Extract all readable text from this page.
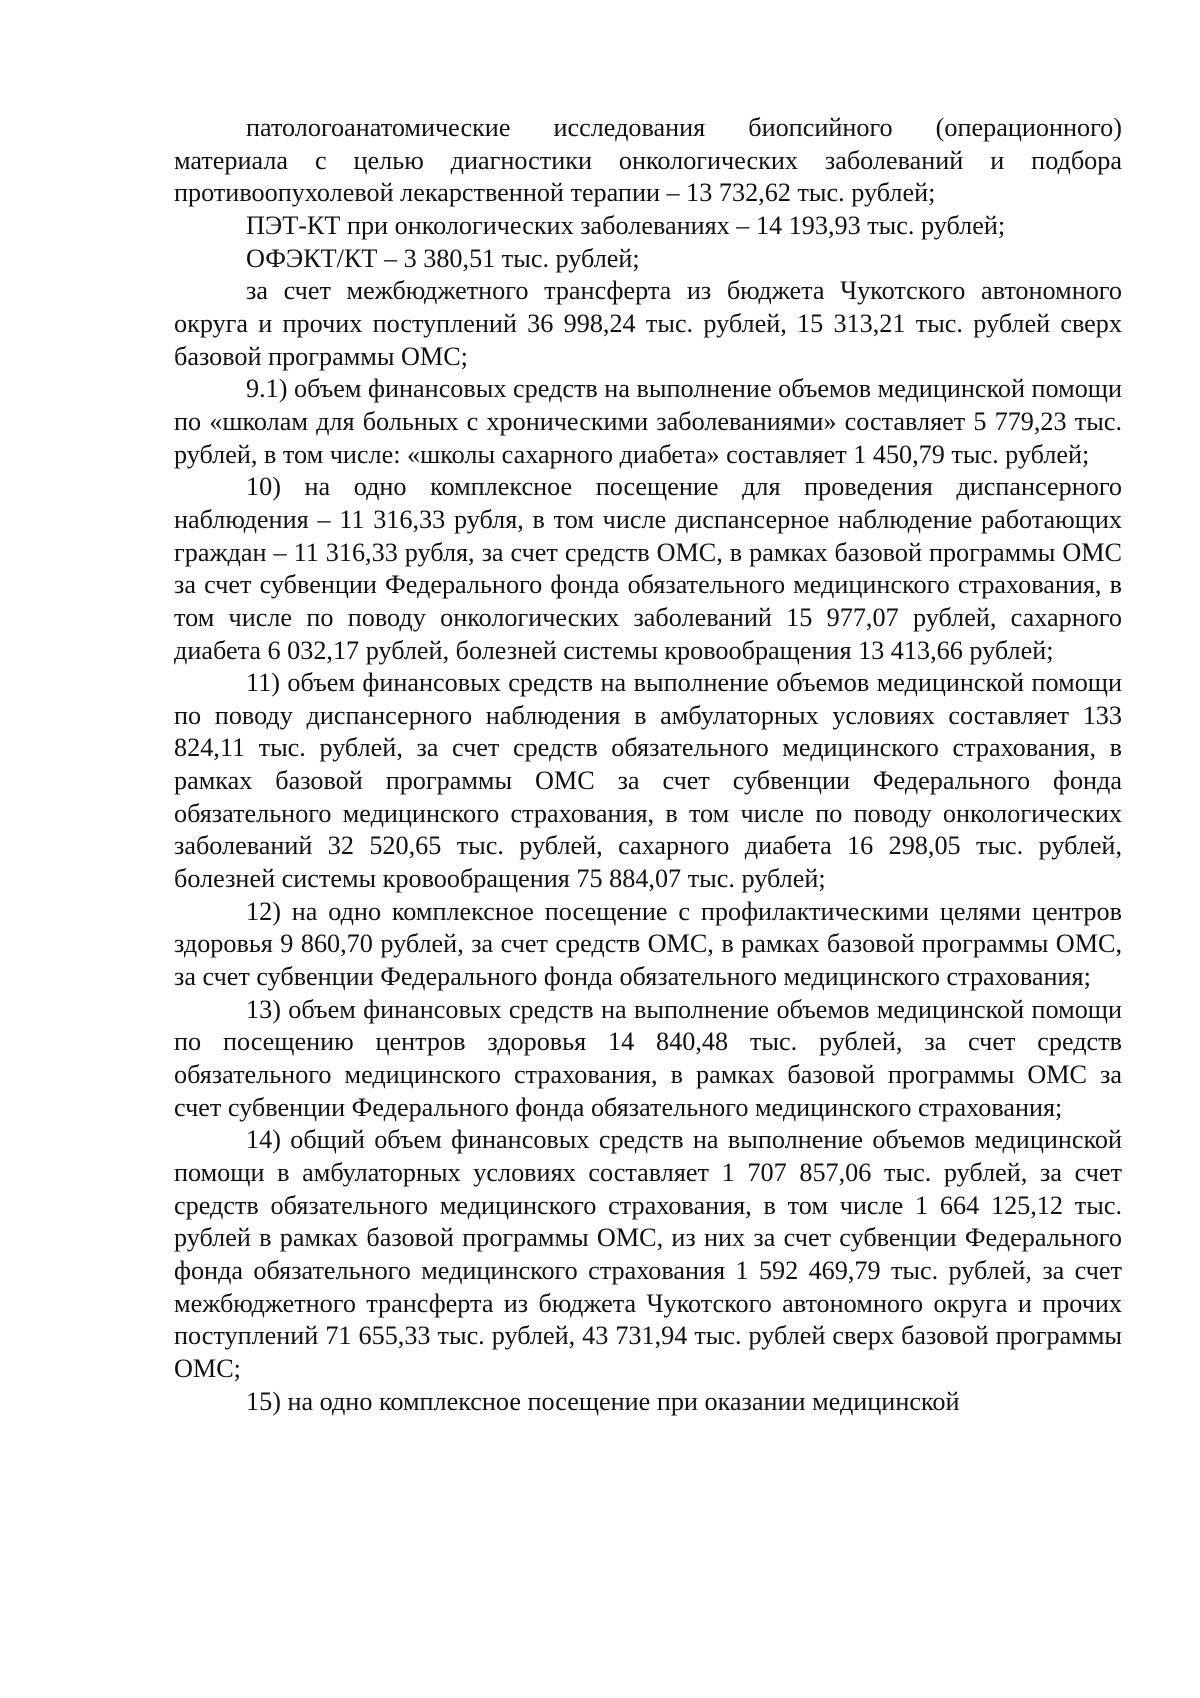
патологоанатомические исследования биопсийного (операционного) материала с целью диагностики онкологических заболеваний и подбора противоопухолевой лекарственной терапии – 13 732,62 тыс. рублей;

ПЭТ-КТ при онкологических заболеваниях – 14 193,93 тыс. рублей;

ОФЭКТ/КТ – 3 380,51 тыс. рублей;

за счет межбюджетного трансферта из бюджета Чукотского автономного округа и прочих поступлений 36 998,24 тыс. рублей, 15 313,21 тыс. рублей сверх базовой программы ОМС;

9.1) объем финансовых средств на выполнение объемов медицинской помощи по «школам для больных с хроническими заболеваниями» составляет 5 779,23 тыс. рублей, в том числе: «школы сахарного диабета» составляет 1 450,79 тыс. рублей;

10) на одно комплексное посещение для проведения диспансерного наблюдения – 11 316,33 рубля, в том числе диспансерное наблюдение работающих граждан – 11 316,33 рубля, за счет средств ОМС, в рамках базовой программы ОМС за счет субвенции Федерального фонда обязательного медицинского страхования, в том числе по поводу онкологических заболеваний 15 977,07 рублей, сахарного диабета 6 032,17 рублей, болезней системы кровообращения 13 413,66 рублей;

11) объем финансовых средств на выполнение объемов медицинской помощи по поводу диспансерного наблюдения в амбулаторных условиях составляет 133 824,11 тыс. рублей, за счет средств обязательного медицинского страхования, в рамках базовой программы ОМС за счет субвенции Федерального фонда обязательного медицинского страхования, в том числе по поводу онкологических заболеваний 32 520,65 тыс. рублей, сахарного диабета 16 298,05 тыс. рублей, болезней системы кровообращения 75 884,07 тыс. рублей;

12) на одно комплексное посещение с профилактическими целями центров здоровья 9 860,70 рублей, за счет средств ОМС, в рамках базовой программы ОМС, за счет субвенции Федерального фонда обязательного медицинского страхования;

13) объем финансовых средств на выполнение объемов медицинской помощи по посещению центров здоровья 14 840,48 тыс. рублей, за счет средств обязательного медицинского страхования, в рамках базовой программы ОМС за счет субвенции Федерального фонда обязательного медицинского страхования;

14) общий объем финансовых средств на выполнение объемов медицинской помощи в амбулаторных условиях составляет 1 707 857,06 тыс. рублей, за счет средств обязательного медицинского страхования, в том числе 1 664 125,12 тыс. рублей в рамках базовой программы ОМС, из них за счет субвенции Федерального фонда обязательного медицинского страхования 1 592 469,79 тыс. рублей, за счет межбюджетного трансферта из бюджета Чукотского автономного округа и прочих поступлений 71 655,33 тыс. рублей, 43 731,94 тыс. рублей сверх базовой программы ОМС;

15) на одно комплексное посещение при оказании медицинской
